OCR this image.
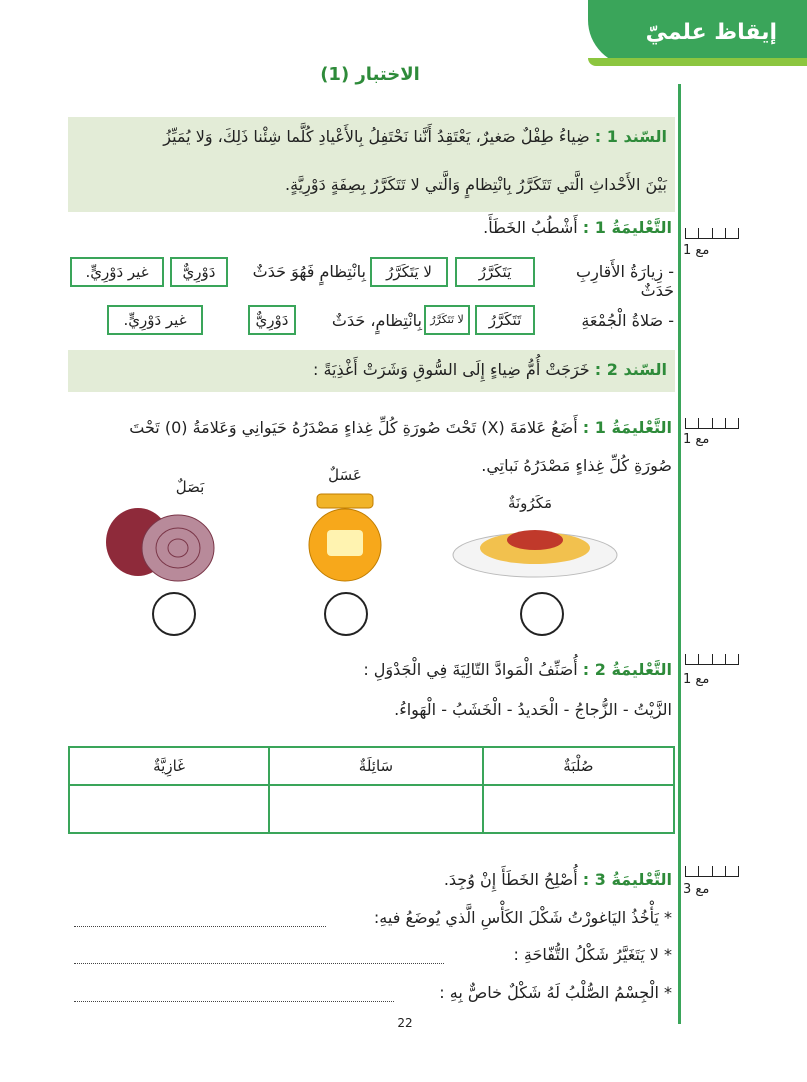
إيقاظ علميّ
الاختبار (1)
السّند 1 : ضِياءُ طِفْلٌ صَغيرٌ، يَعْتَقِدُ أَنَّنا نَحْتَفِلُ بِالأَعْيادِ كُلَّما شِئْنا ذَلِكَ، وَلا يُمَيِّزُ
بَيْنَ الأَحْداثِ الَّتي تَتَكَرَّرُ بِانْتِظامٍ وَالَّتي لا تَتَكَرَّرُ بِصِفَةٍ دَوْرِيَّةٍ.
التَّعْليمَةُ 1 : أَشْطُبُ الخَطَأَ.
مع 1
- زِيارَةُ الأَقارِبِ حَدَثٌ
يَتَكَرَّرُ
لا يَتَكَرَّرُ
بِانْتِظامٍ فَهُوَ حَدَثٌ
دَوْرِيٌّ
غير دَوْرِيٍّ.
- صَلاةُ الْجُمْعَةِ
تَتَكَرَّرُ
لا تَتَكَرَّرُ
بِانْتِظامٍ، حَدَثٌ
دَوْرِيٌّ
غير دَوْرِيٍّ.
السّند 2 : خَرَجَتْ أُمُّ ضِياءٍ إِلَى السُّوقِ وَشَرَتْ أَغْذِيَةً :
التَّعْليمَةُ 1 : أَضَعُ عَلامَةَ (X) تَحْتَ صُورَةِ كُلِّ غِذاءٍ مَصْدَرُهُ حَيَوانِي وَعَلامَةُ (0) تَحْتَ
صُورَةِ كُلِّ غِذاءٍ مَصْدَرُهُ نَباتِي.
مع 1
مَكَرُونَةٌ
عَسَلٌ
بَصَلٌ
التَّعْليمَةُ 2 : أُصَنِّفُ الْمَوادَّ التّالِيَةَ فِي الْجَدْوَلِ :
الزَّيْتُ - الزُّجاجُ - الْحَديدُ - الْخَشَبُ - الْهَواءُ.
مع 1
صُلْبَةٌ	سَائِلَةٌ	غَازِيَّةٌ

التَّعْليمَةُ 3 : أُصْلِحُ الخَطَأَ إِنْ وُجِدَ.
مع 3
* يَأْخُذُ اليَاغورْتُ شَكْلَ الكَأْسِ الَّذي يُوضَعُ فيهِ:
* لا يَتَغَيَّرُ شَكْلُ التُّفّاحَةِ :
* الْجِسْمُ الصُّلْبُ لَهُ شَكْلٌ خاصٌّ بِهِ :
22
